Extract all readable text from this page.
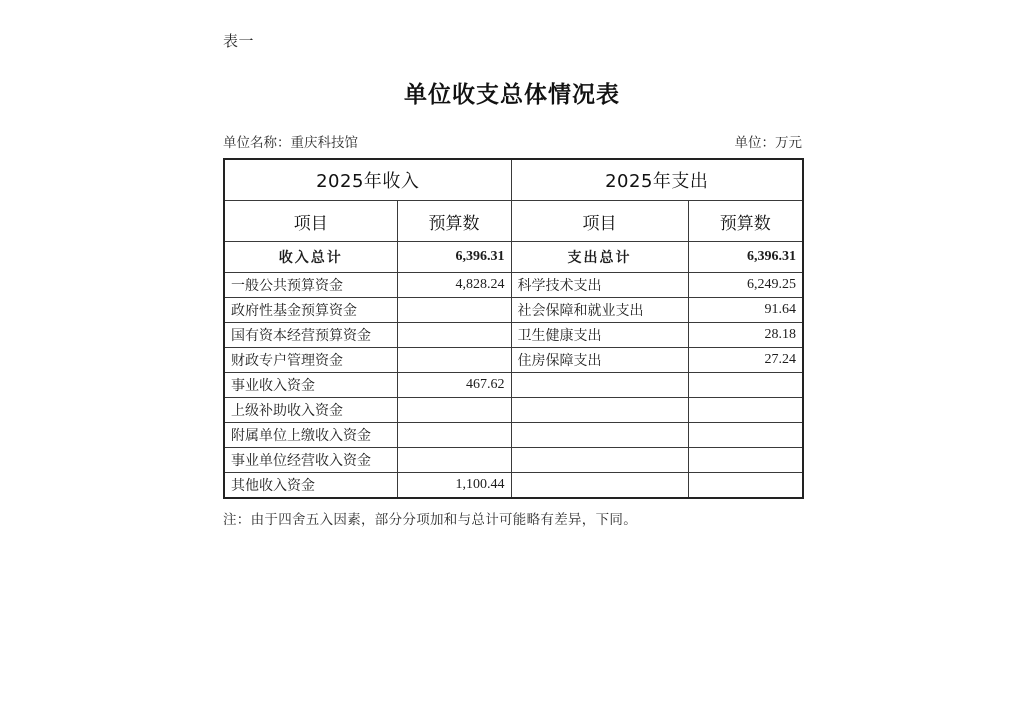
表一
单位收支总体情况表
单位名称：重庆科技馆	单位：万元
2025年收入		2025年支出	
项目	预算数	项目	预算数
收入总计	6,396.31	支出总计	6,396.31
一般公共预算资金	4,828.24	科学技术支出	6,249.25
政府性基金预算资金		社会保障和就业支出	91.64
国有资本经营预算资金		卫生健康支出	28.18
财政专户管理资金		住房保障支出	27.24
事业收入资金	467.62		
上级补助收入资金			
附属单位上缴收入资金			
事业单位经营收入资金			
其他收入资金	1,100.44		
注：由于四舍五入因素，部分分项加和与总计可能略有差异，下同。
